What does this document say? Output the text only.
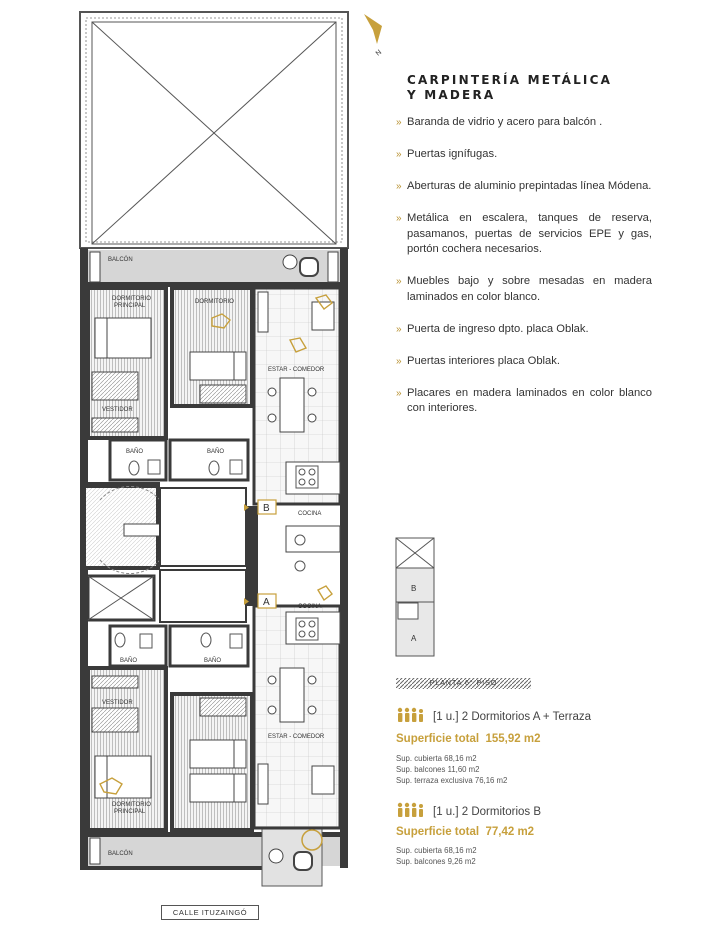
N
BALCÓN
DORMITORIO
PRINCIPAL
DORMITORIO
VESTIDOR
BAÑO	BAÑO
ESTAR - COMEDOR
COCINA
COCINA
BAÑO	BAÑO
VESTIDOR
ESTAR - COMEDOR
DORMITORIO
PRINCIPAL
BALCÓN
B
A
B
A
CARPINTERÍA METÁLICA
Y MADERA
» Baranda de vidrio y acero para balcón .
» Puertas ignífugas.
» Aberturas de aluminio prepintadas línea Módena.
» Metálica en escalera, tanques de reserva, pasamanos, puertas de servicios EPE y gas, portón cochera necesarios.
» Muebles bajo y sobre mesadas en madera laminados en color blanco.
» Puerta de ingreso dpto. placa Oblak.
» Puertas interiores placa Oblak.
» Placares en madera laminados en color blanco con interiores.
PLANTA 6° PISO
[1 u.] 2 Dormitorios A + Terraza
Superficie total 155,92 m2
Sup. cubierta 68,16 m2
Sup. balcones 11,60 m2
Sup. terraza exclusiva 76,16 m2
[1 u.] 2 Dormitorios B
Superficie total 77,42 m2
Sup. cubierta 68,16 m2
Sup. balcones 9,26 m2
CALLE ITUZAINGÓ
